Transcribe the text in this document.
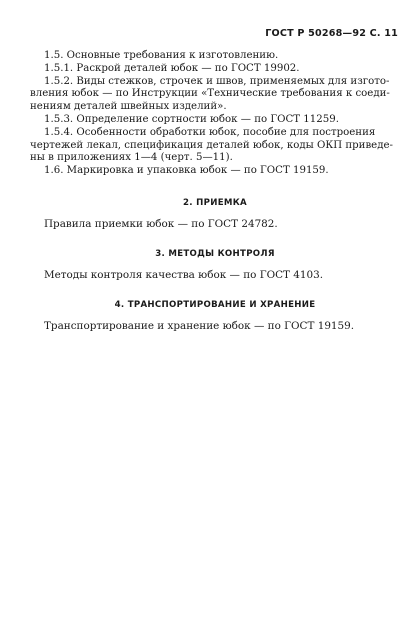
ГОСТ Р 50268—92 С. 11
1.5. Основные требования к изготовлению.
1.5.1. Раскрой деталей юбок — по ГОСТ 19902.
1.5.2. Виды стежков, строчек и швов, применяемых для изгото-
вления юбок — по Инструкции «Технические требования к соеди-
нениям деталей швейных изделий».
1.5.3. Определение сортности юбок — по ГОСТ 11259.
1.5.4. Особенности обработки юбок, пособие для построения
чертежей лекал, спецификация деталей юбок, коды ОКП приведе-
ны в приложениях 1—4 (черт. 5—11).
1.6. Маркировка и упаковка юбок — по ГОСТ 19159.
2. ПРИЕМКА
Правила приемки юбок — по ГОСТ 24782.
3. МЕТОДЫ КОНТРОЛЯ
Методы контроля качества юбок — по ГОСТ 4103.
4. ТРАНСПОРТИРОВАНИЕ И ХРАНЕНИЕ
Транспортирование и хранение юбок — по ГОСТ 19159.
